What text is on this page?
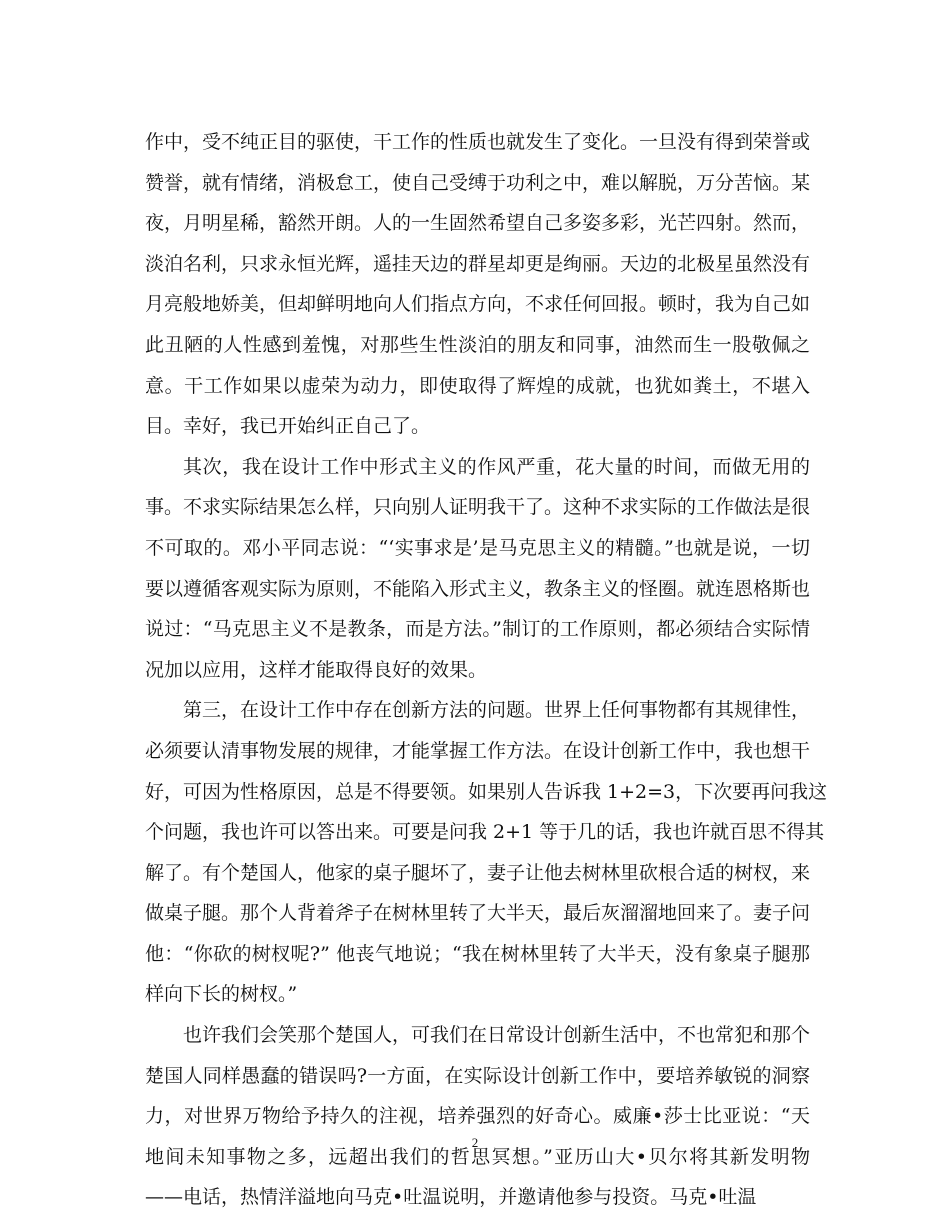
作中，受不纯正目的驱使，干工作的性质也就发生了变化。一旦没有得到荣誉或
赞誉，就有情绪，消极怠工，使自己受缚于功利之中，难以解脱，万分苦恼。某
夜，月明星稀，豁然开朗。人的一生固然希望自己多姿多彩，光芒四射。然而，
淡泊名利，只求永恒光辉，遥挂天边的群星却更是绚丽。天边的北极星虽然没有
月亮般地娇美，但却鲜明地向人们指点方向，不求任何回报。顿时，我为自己如
此丑陋的人性感到羞愧，对那些生性淡泊的朋友和同事，油然而生一股敬佩之
意。干工作如果以虚荣为动力，即使取得了辉煌的成就，也犹如粪土，不堪入
目。幸好，我已开始纠正自己了。
其次，我在设计工作中形式主义的作风严重，花大量的时间，而做无用的
事。不求实际结果怎么样，只向别人证明我干了。这种不求实际的工作做法是很
不可取的。邓小平同志说：“‘实事求是’是马克思主义的精髓。”也就是说，一切
要以遵循客观实际为原则，不能陷入形式主义，教条主义的怪圈。就连恩格斯也
说过：“马克思主义不是教条，而是方法。”制订的工作原则，都必须结合实际情
况加以应用，这样才能取得良好的效果。
第三，在设计工作中存在创新方法的问题。世界上任何事物都有其规律性，
必须要认清事物发展的规律，才能掌握工作方法。在设计创新工作中，我也想干
好，可因为性格原因，总是不得要领。如果别人告诉我 1+2=3，下次要再问我这
个问题，我也许可以答出来。可要是问我 2+1 等于几的话，我也许就百思不得其
解了。有个楚国人，他家的桌子腿坏了，妻子让他去树林里砍根合适的树杈，来
做桌子腿。那个人背着斧子在树林里转了大半天，最后灰溜溜地回来了。妻子问
他：“你砍的树杈呢?” 他丧气地说；“我在树林里转了大半天，没有象桌子腿那
样向下长的树杈。”
也许我们会笑那个楚国人，可我们在日常设计创新生活中，不也常犯和那个
楚国人同样愚蠢的错误吗?一方面，在实际设计创新工作中，要培养敏锐的洞察
力，对世界万物给予持久的注视，培养强烈的好奇心。威廉•莎士比亚说：“天
地间未知事物之多，远超出我们的哲思冥想。”亚历山大•贝尔将其新发明物
——电话，热情洋溢地向马克•吐温说明，并邀请他参与投资。马克•吐温
2
